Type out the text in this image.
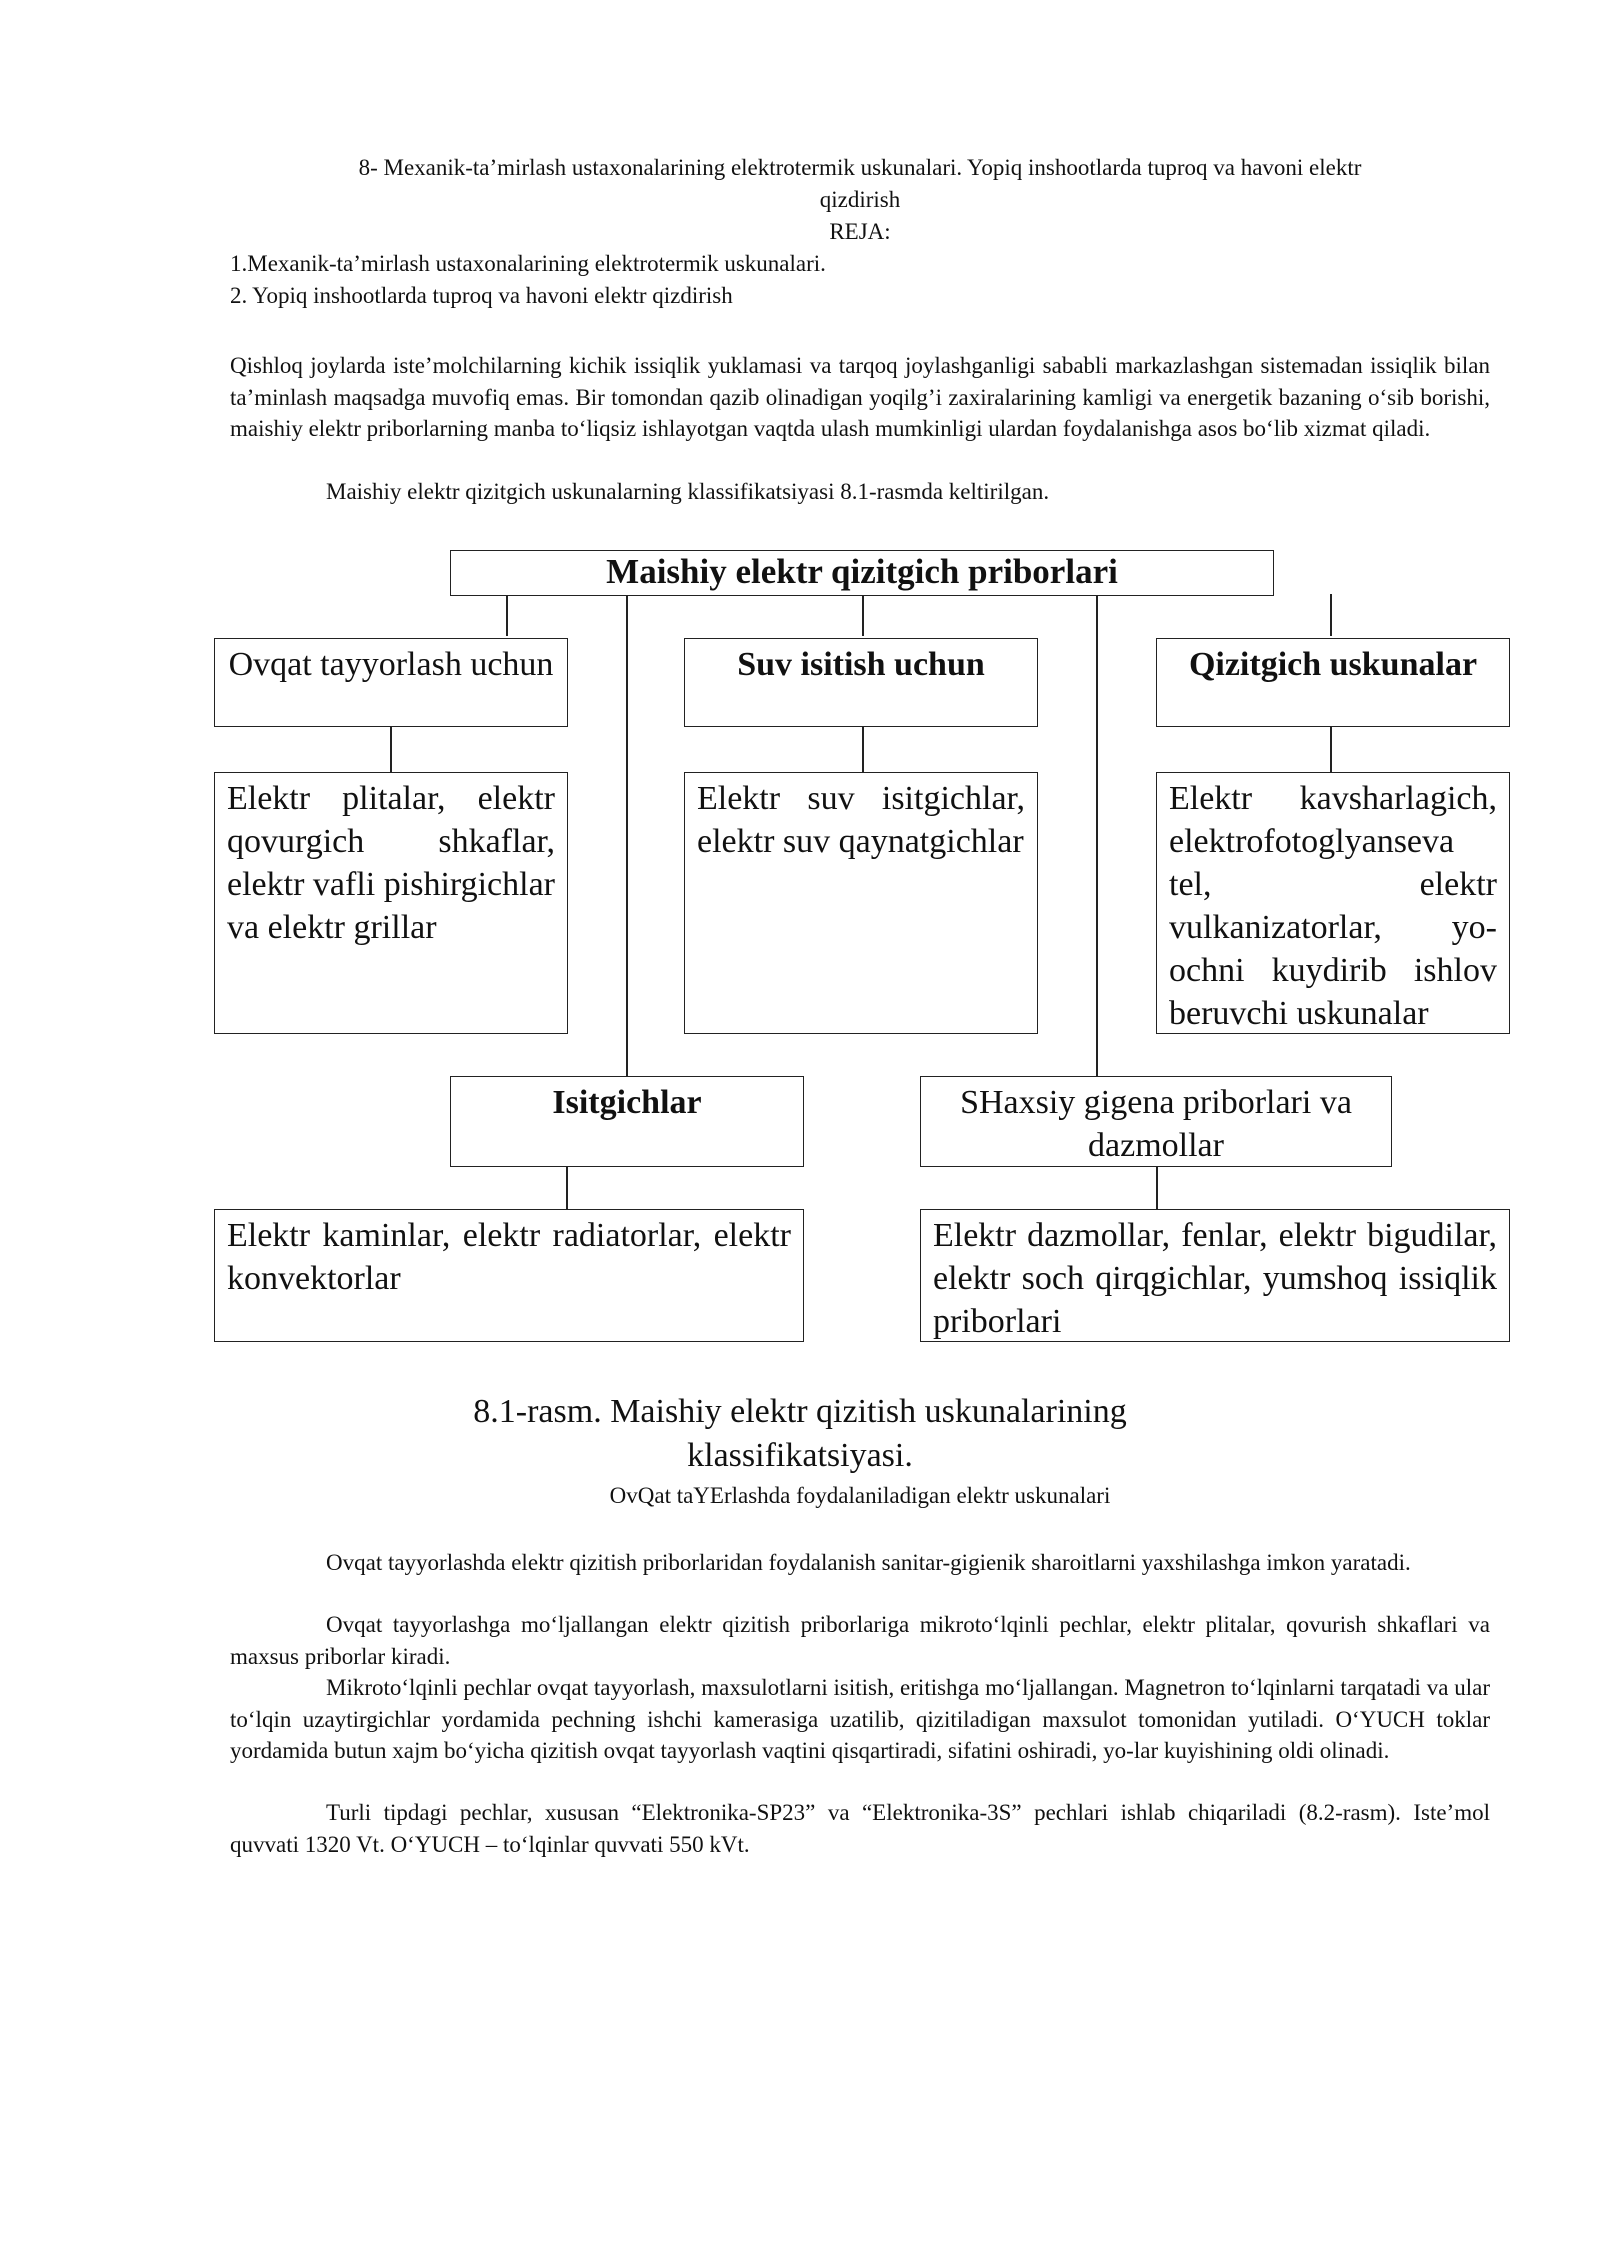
8- Mexanik-ta’mirlash ustaxonalarining elektrotermik uskunalari. Yopiq inshootlarda tuproq va havoni elektr
qizdirish
REJA:
1.Mexanik-ta’mirlash ustaxonalarining elektrotermik uskunalari.
2. Yopiq inshootlarda tuproq va havoni elektr qizdirish
Qishloq joylarda iste’molchilarning kichik issiqlik yuklamasi va tarqoq joylashganligi sababli markazlashgan sistemadan issiqlik bilan ta’minlash maqsadga muvofiq emas. Bir tomondan qazib olinadigan yoqilg’i zaxiralarining kamligi va energetik bazaning o‘sib borishi, maishiy elektr priborlarning manba to‘liqsiz ishlayotgan vaqtda ulash mumkinligi ulardan foydalanishga asos bo‘lib xizmat qiladi.
Maishiy elektr qizitgich uskunalarning klassifikatsiyasi 8.1-rasmda keltirilgan.
Maishiy elektr qizitgich priborlari
Ovqat tayyorlash uchun	Suv isitish uchun	Qizitgich uskunalar
Elektr plitalar, elektr qovurgich shkaflar, elektr vafli pishirgichlar va elektr grillar
Elektr suv isitgichlar, elektr suv qaynatgichlar
Elektr kavsharlagich, elektrofotoglyanseva tel, elektr vulkanizatorlar, yo-ochni kuydirib ishlov beruvchi uskunalar
Isitgichlar	SHaxsiy gigena priborlari va dazmollar
Elektr kaminlar, elektr radiatorlar, elektr konvektorlar
Elektr dazmollar, fenlar, elektr bigudilar, elektr soch qirqgichlar, yumshoq issiqlik priborlari
8.1-rasm. Maishiy elektr qizitish uskunalarining
klassifikatsiyasi.
OvQat taYErlashda foydalaniladigan elektr uskunalari
Ovqat tayyorlashda elektr qizitish priborlaridan foydalanish sanitar-gigienik sharoitlarni yaxshilashga imkon yaratadi.
Ovqat tayyorlashga mo‘ljallangan elektr qizitish priborlariga mikroto‘lqinli pechlar, elektr plitalar, qovurish shkaflari va maxsus priborlar kiradi.
Mikroto‘lqinli pechlar ovqat tayyorlash, maxsulotlarni isitish, eritishga mo‘ljallangan. Magnetron to‘lqinlarni tarqatadi va ular to‘lqin uzaytirgichlar yordamida pechning ishchi kamerasiga uzatilib, qizitiladigan maxsulot tomonidan yutiladi. O‘YUCH toklar yordamida butun xajm bo‘yicha qizitish ovqat tayyorlash vaqtini qisqartiradi, sifatini oshiradi, yo-lar kuyishining oldi olinadi.
Turli tipdagi pechlar, xususan “Elektronika-SP23” va “Elektronika-3S” pechlari ishlab chiqariladi (8.2-rasm). Iste’mol quvvati 1320 Vt. O‘YUCH – to‘lqinlar quvvati 550 kVt.
